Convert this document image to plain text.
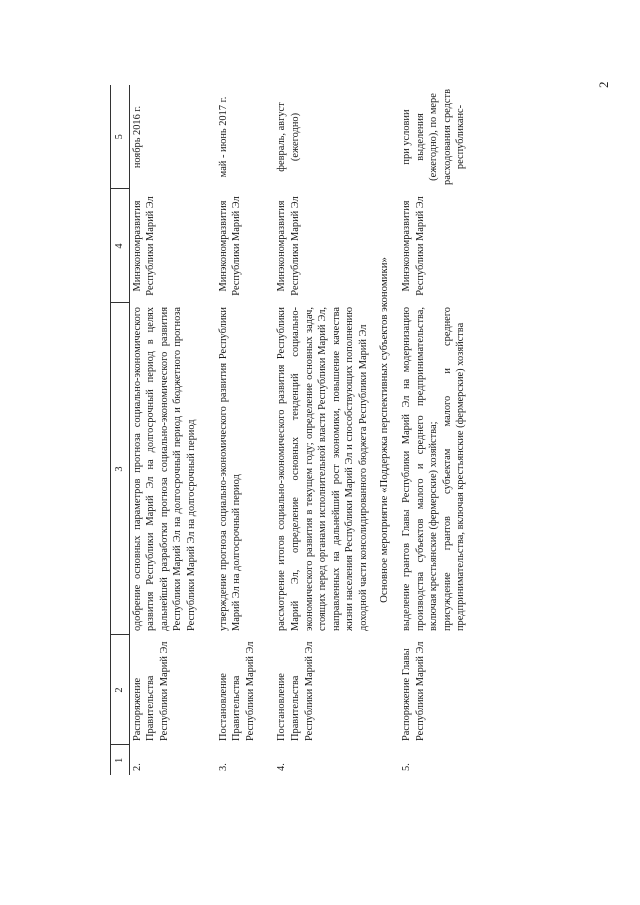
2
1	2	3	4	5
2.	Распоряжение Правительства Республики Марий Эл	одобрение основных параметров прогноза социально-экономического развития Республики Марий Эл на долгосрочный период в целях дальнейшей разработки прогноза социально-экономического развития Республики Марий Эл на долгосрочный период и бюджетного прогноза Республики Марий Эл на долгосрочный период	Минэкономразвития Республики Марий Эл	ноябрь 2016 г.

3.	Постановление Правительства Республики Марий Эл	утверждение прогноза социально-экономического развития Республики Марий Эл на долгосрочный период	Минэкономразвития Республики Марий Эл	май - июнь 2017 г.

4.	Постановление Правительства Республики Марий Эл	рассмотрение итогов социально-экономического развития Республики Марий Эл, определение основных тенденций социально-экономического развития в текущем году; определение основных задач, стоящих перед органами исполнительной власти Республики Марий Эл, направленных на дальнейший рост экономики, повышение качества жизни населения Республики Марий Эл и способствующих пополнению доходной части консолидированного бюджета Республики Марий Эл	Минэкономразвития Республики Марий Эл	февраль, август (ежегодно)
Основное мероприятие «Поддержка перспективных субъектов экономики»				
5.	Распоряжение Главы Республики Марий Эл	выделение грантов Главы Республики Марий Эл на модернизацию производства субъектов малого и среднего предпринимательства, включая крестьянские (фермерские) хозяйства; присуждение грантов субъектам малого и среднего предпринимательства, включая крестьянские (фермерские) хозяйства	Минэкономразвития Республики Марий Эл	при условии выделения (ежегодно), по мере расходования средств республиканс-
